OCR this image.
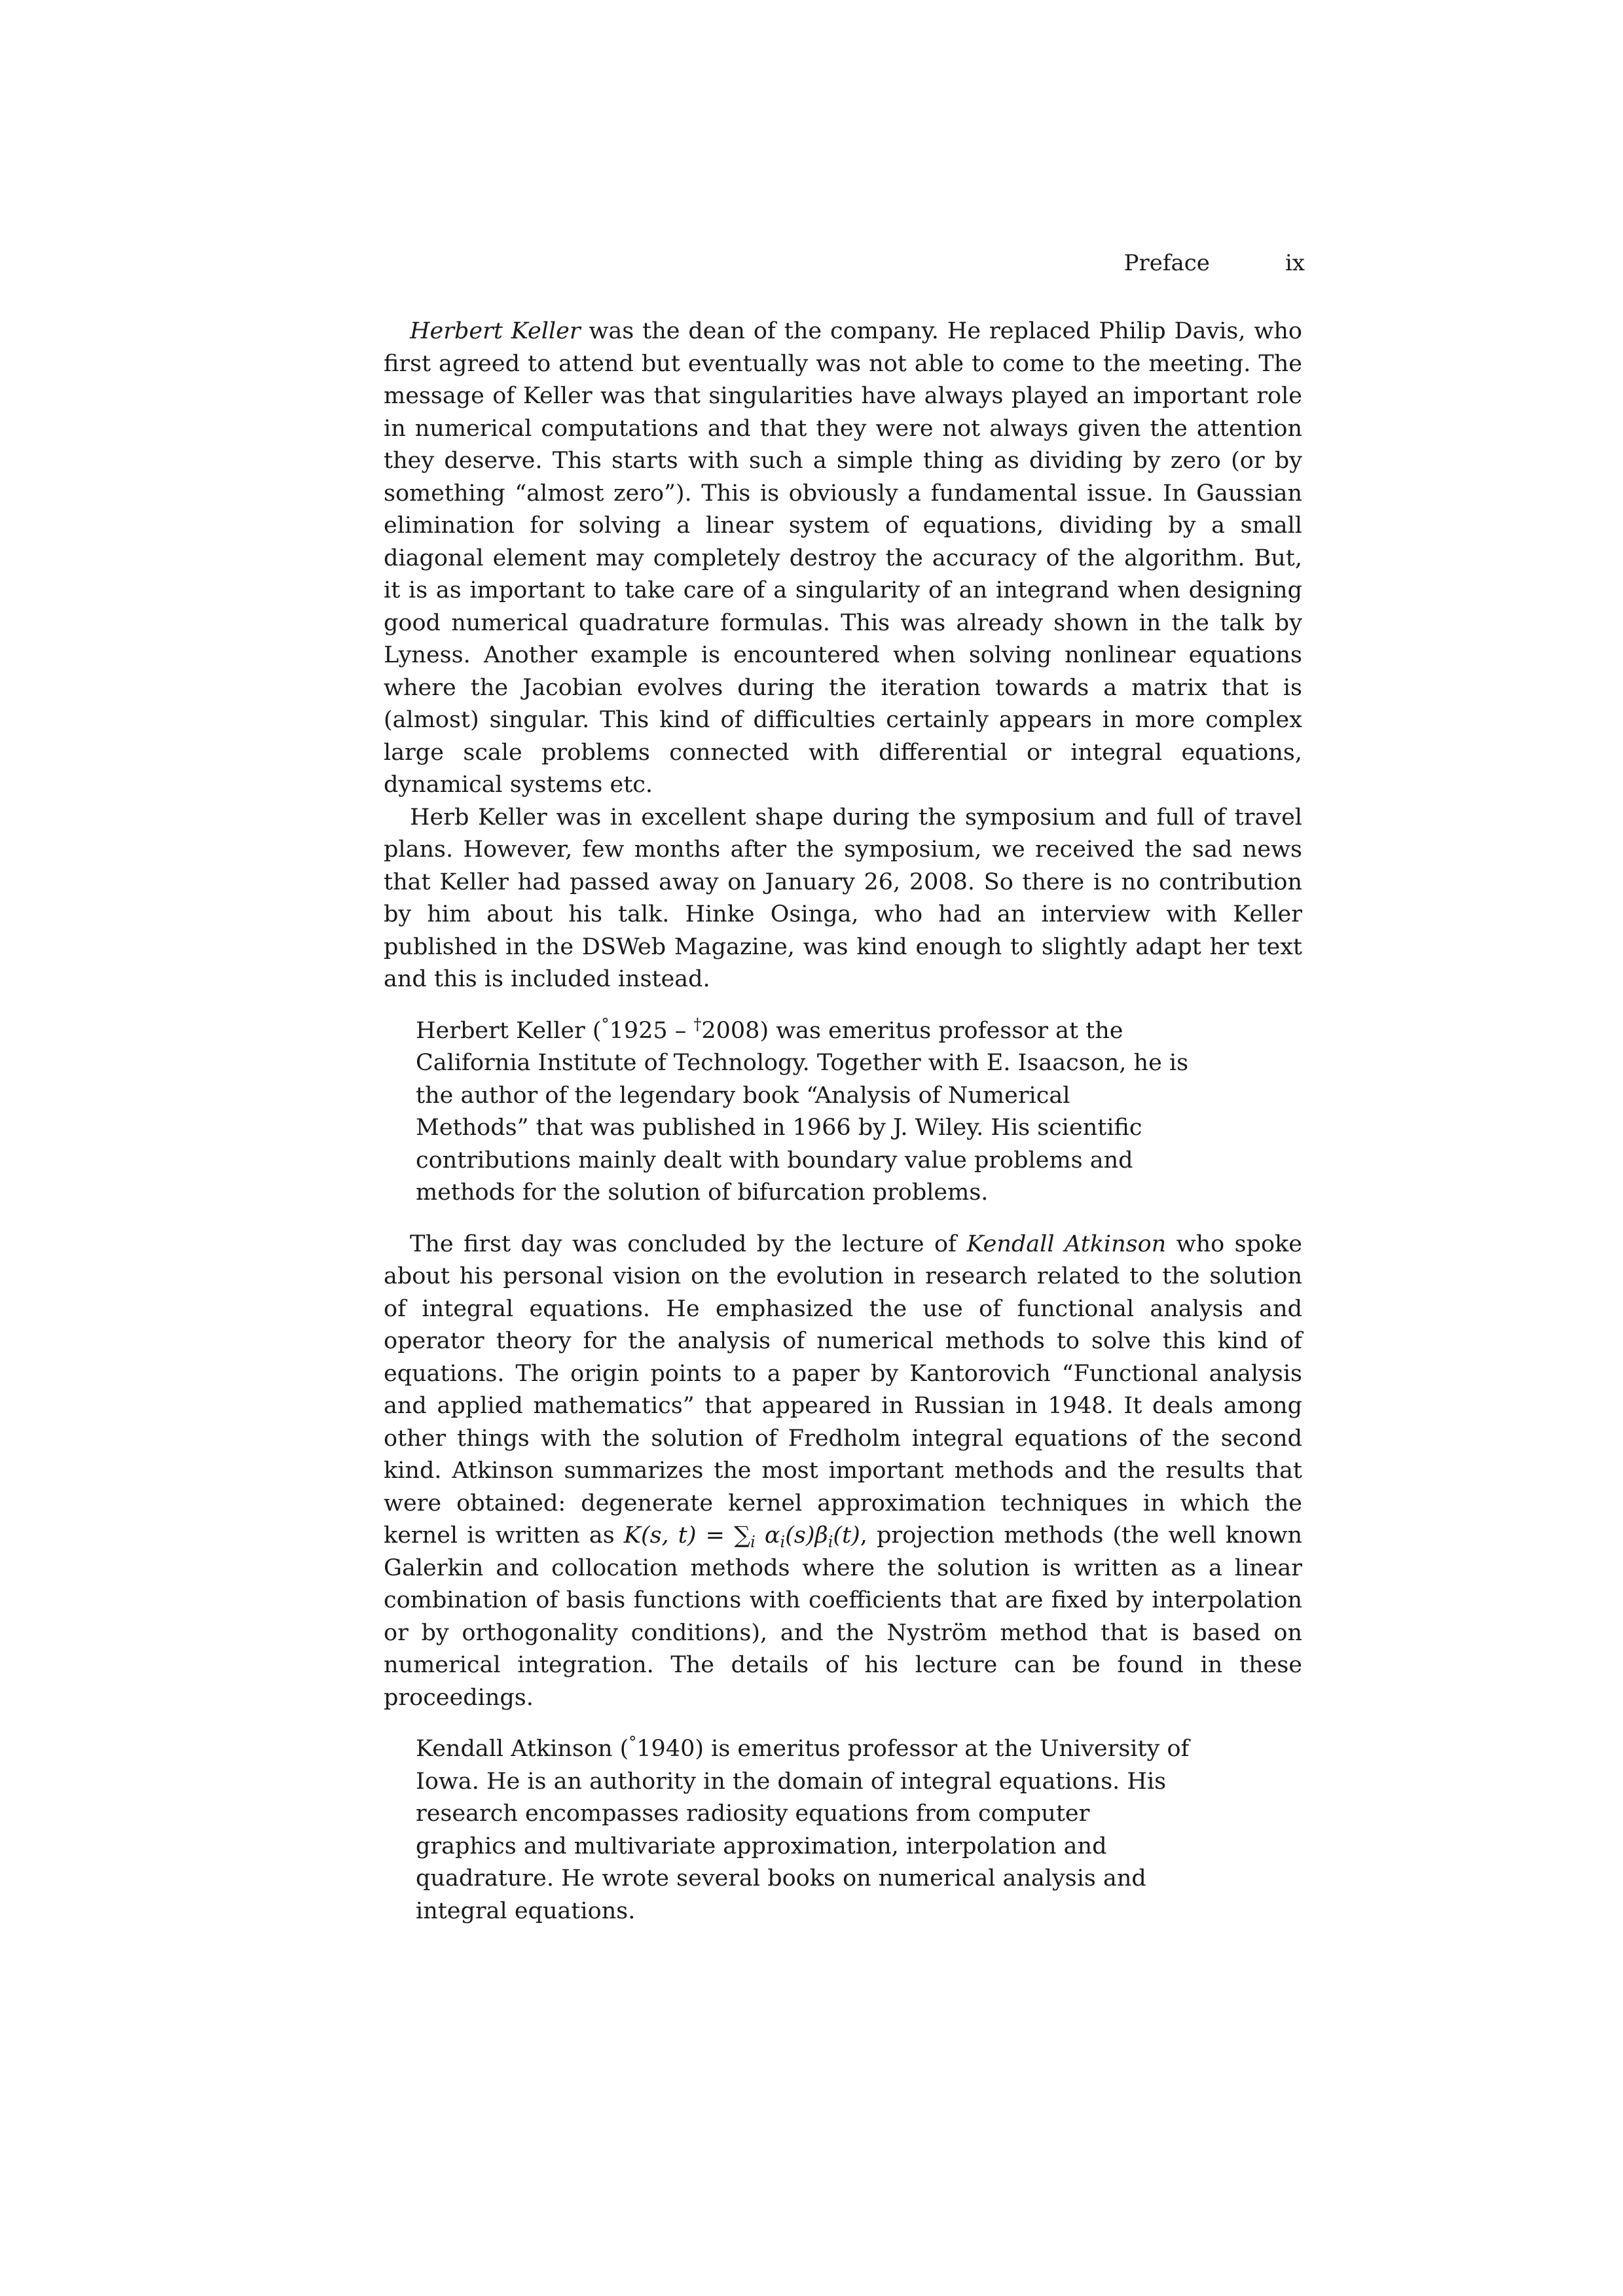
Preface	ix

Herbert Keller was the dean of the company. He replaced Philip Davis, who first agreed to attend but eventually was not able to come to the meeting. The message of Keller was that singularities have always played an important role in numerical computations and that they were not always given the attention they deserve. This starts with such a simple thing as dividing by zero (or by something “almost zero”). This is obviously a fundamental issue. In Gaussian elimination for solving a linear system of equations, dividing by a small diagonal element may completely destroy the accuracy of the algorithm. But, it is as important to take care of a singularity of an integrand when designing good numerical quadrature formulas. This was already shown in the talk by Lyness. Another example is encountered when solving nonlinear equations where the Jacobian evolves during the iteration towards a matrix that is (almost) singular. This kind of difficulties certainly appears in more complex large scale problems connected with differential or integral equations, dynamical systems etc.

Herb Keller was in excellent shape during the symposium and full of travel plans. However, few months after the symposium, we received the sad news that Keller had passed away on January 26, 2008. So there is no contribution by him about his talk. Hinke Osinga, who had an interview with Keller published in the DSWeb Magazine, was kind enough to slightly adapt her text and this is included instead.

Herbert Keller (°1925 – †2008) was emeritus professor at the California Institute of Technology. Together with E. Isaacson, he is the author of the legendary book “Analysis of Numerical Methods” that was published in 1966 by J. Wiley. His scientific contributions mainly dealt with boundary value problems and methods for the solution of bifurcation problems.

The first day was concluded by the lecture of Kendall Atkinson who spoke about his personal vision on the evolution in research related to the solution of integral equations. He emphasized the use of functional analysis and operator theory for the analysis of numerical methods to solve this kind of equations. The origin points to a paper by Kantorovich “Functional analysis and applied mathematics” that appeared in Russian in 1948. It deals among other things with the solution of Fredholm integral equations of the second kind. Atkinson summarizes the most important methods and the results that were obtained: degenerate kernel approximation techniques in which the kernel is written as K(s, $t) = \sum_i$ $\alpha_i(s)\beta_i(t)$, projection methods (the well known Galerkin and collocation methods where the solution is written as a linear combination of basis functions with coefficients that are fixed by interpolation or by orthogonality conditions), and the Nyström method that is based on numerical integration. The details of his lecture can be found in these proceedings.

Kendall Atkinson (°1940) is emeritus professor at the University of Iowa. He is an authority in the domain of integral equations. His research encompasses radiosity equations from computer graphics and multivariate approximation, interpolation and quadrature. He wrote several books on numerical analysis and integral equations.
